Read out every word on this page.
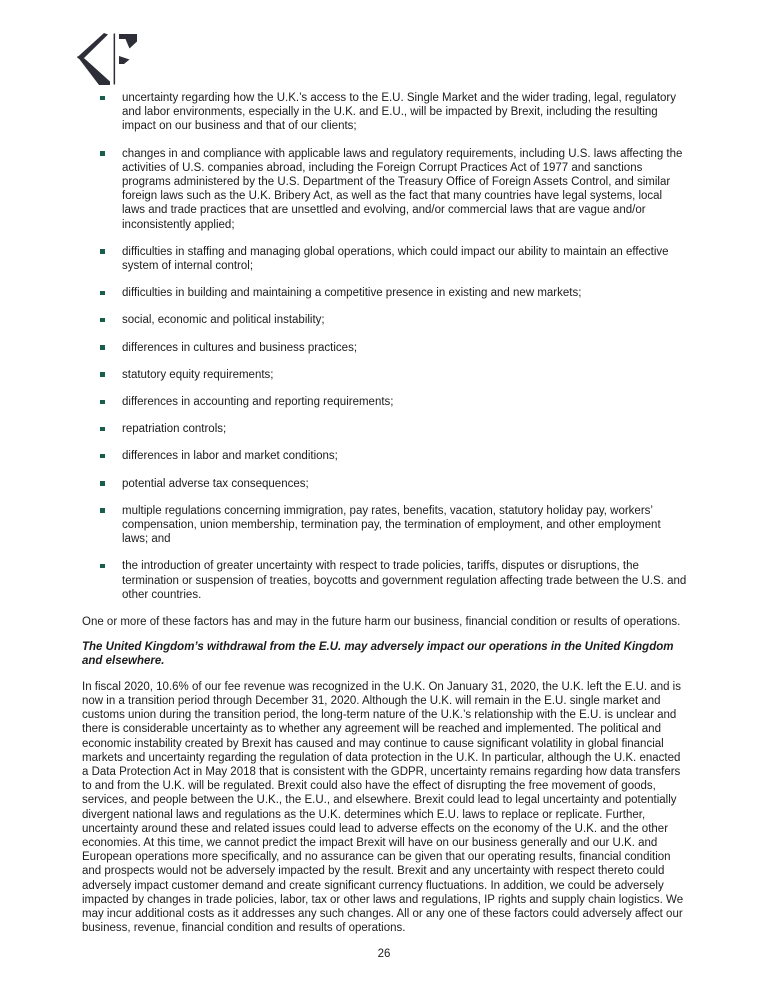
uncertainty regarding how the U.K.’s access to the E.U. Single Market and the wider trading, legal, regulatory and labor environments, especially in the U.K. and E.U., will be impacted by Brexit, including the resulting impact on our business and that of our clients;
changes in and compliance with applicable laws and regulatory requirements, including U.S. laws affecting the activities of U.S. companies abroad, including the Foreign Corrupt Practices Act of 1977 and sanctions programs administered by the U.S. Department of the Treasury Office of Foreign Assets Control, and similar foreign laws such as the U.K. Bribery Act, as well as the fact that many countries have legal systems, local laws and trade practices that are unsettled and evolving, and/or commercial laws that are vague and/or inconsistently applied;
difficulties in staffing and managing global operations, which could impact our ability to maintain an effective system of internal control;
difficulties in building and maintaining a competitive presence in existing and new markets;
social, economic and political instability;
differences in cultures and business practices;
statutory equity requirements;
differences in accounting and reporting requirements;
repatriation controls;
differences in labor and market conditions;
potential adverse tax consequences;
multiple regulations concerning immigration, pay rates, benefits, vacation, statutory holiday pay, workers’ compensation, union membership, termination pay, the termination of employment, and other employment laws; and
the introduction of greater uncertainty with respect to trade policies, tariffs, disputes or disruptions, the termination or suspension of treaties, boycotts and government regulation affecting trade between the U.S. and other countries.

One or more of these factors has and may in the future harm our business, financial condition or results of operations.

The United Kingdom’s withdrawal from the E.U. may adversely impact our operations in the United Kingdom and elsewhere.

In fiscal 2020, 10.6% of our fee revenue was recognized in the U.K. On January 31, 2020, the U.K. left the E.U. and is now in a transition period through December 31, 2020. Although the U.K. will remain in the E.U. single market and customs union during the transition period, the long-term nature of the U.K.’s relationship with the E.U. is unclear and there is considerable uncertainty as to whether any agreement will be reached and implemented. The political and economic instability created by Brexit has caused and may continue to cause significant volatility in global financial markets and uncertainty regarding the regulation of data protection in the U.K. In particular, although the U.K. enacted a Data Protection Act in May 2018 that is consistent with the GDPR, uncertainty remains regarding how data transfers to and from the U.K. will be regulated. Brexit could also have the effect of disrupting the free movement of goods, services, and people between the U.K., the E.U., and elsewhere. Brexit could lead to legal uncertainty and potentially divergent national laws and regulations as the U.K. determines which E.U. laws to replace or replicate. Further, uncertainty around these and related issues could lead to adverse effects on the economy of the U.K. and the other economies. At this time, we cannot predict the impact Brexit will have on our business generally and our U.K. and European operations more specifically, and no assurance can be given that our operating results, financial condition and prospects would not be adversely impacted by the result. Brexit and any uncertainty with respect thereto could adversely impact customer demand and create significant currency fluctuations. In addition, we could be adversely impacted by changes in trade policies, labor, tax or other laws and regulations, IP rights and supply chain logistics. We may incur additional costs as it addresses any such changes. All or any one of these factors could adversely affect our business, revenue, financial condition and results of operations.

26
